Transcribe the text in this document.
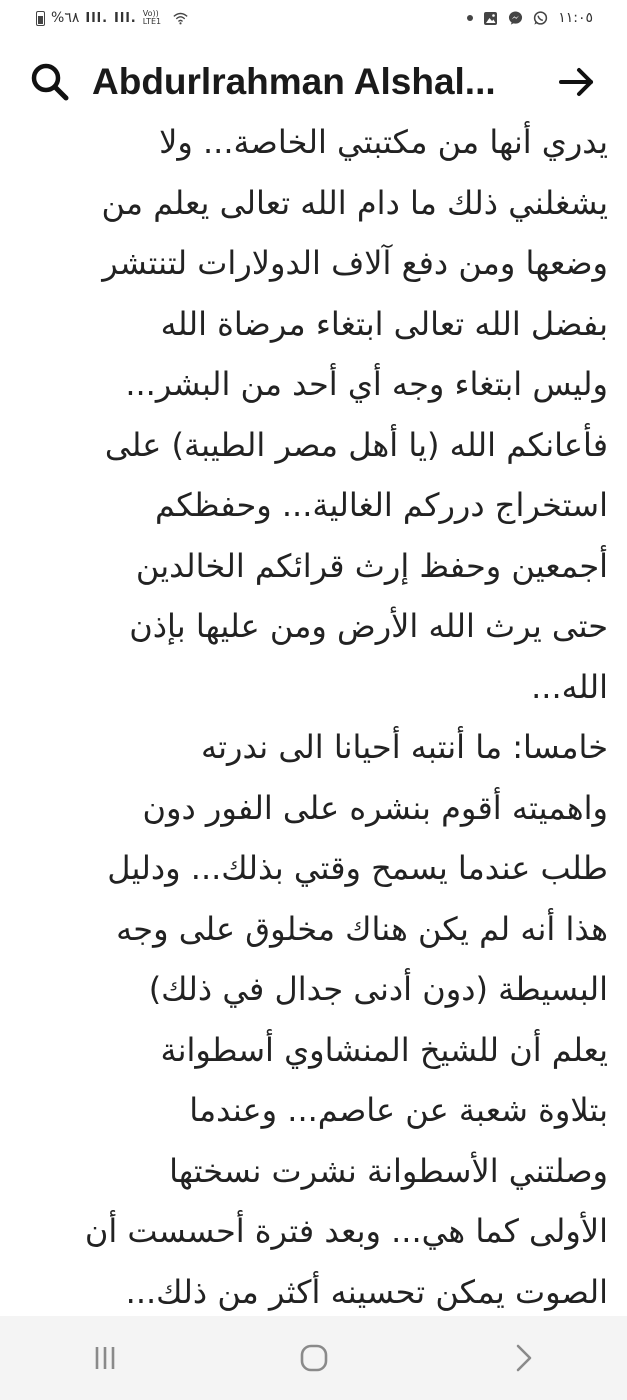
%٦٨ Ⅰll. Ⅰll. Vo)) LTE1	١١:٠٥
Abdurlrahman Alshal...
يدري أنها من مكتبتي الخاصة... ولا
يشغلني ذلك ما دام الله تعالى يعلم من
وضعها ومن دفع آلاف الدولارات لتنتشر
بفضل الله تعالى ابتغاء مرضاة الله
وليس ابتغاء وجه أي أحد من البشر...
فأعانكم الله (يا أهل مصر الطيبة) على
استخراج درركم الغالية... وحفظكم
أجمعين وحفظ إرث قرائكم الخالدين
حتى يرث الله الأرض ومن عليها بإذن
الله...
خامسا: ما أنتبه أحيانا الى ندرته
واهميته أقوم بنشره على الفور دون
طلب عندما يسمح وقتي بذلك... ودليل
هذا أنه لم يكن هناك مخلوق على وجه
البسيطة (دون أدنى جدال في ذلك)
يعلم أن للشيخ المنشاوي أسطوانة
بتلاوة شعبة عن عاصم... وعندما
وصلتني الأسطوانة نشرت نسختها
الأولى كما هي... وبعد فترة أحسست أن
الصوت يمكن تحسينه أكثر من ذلك...
